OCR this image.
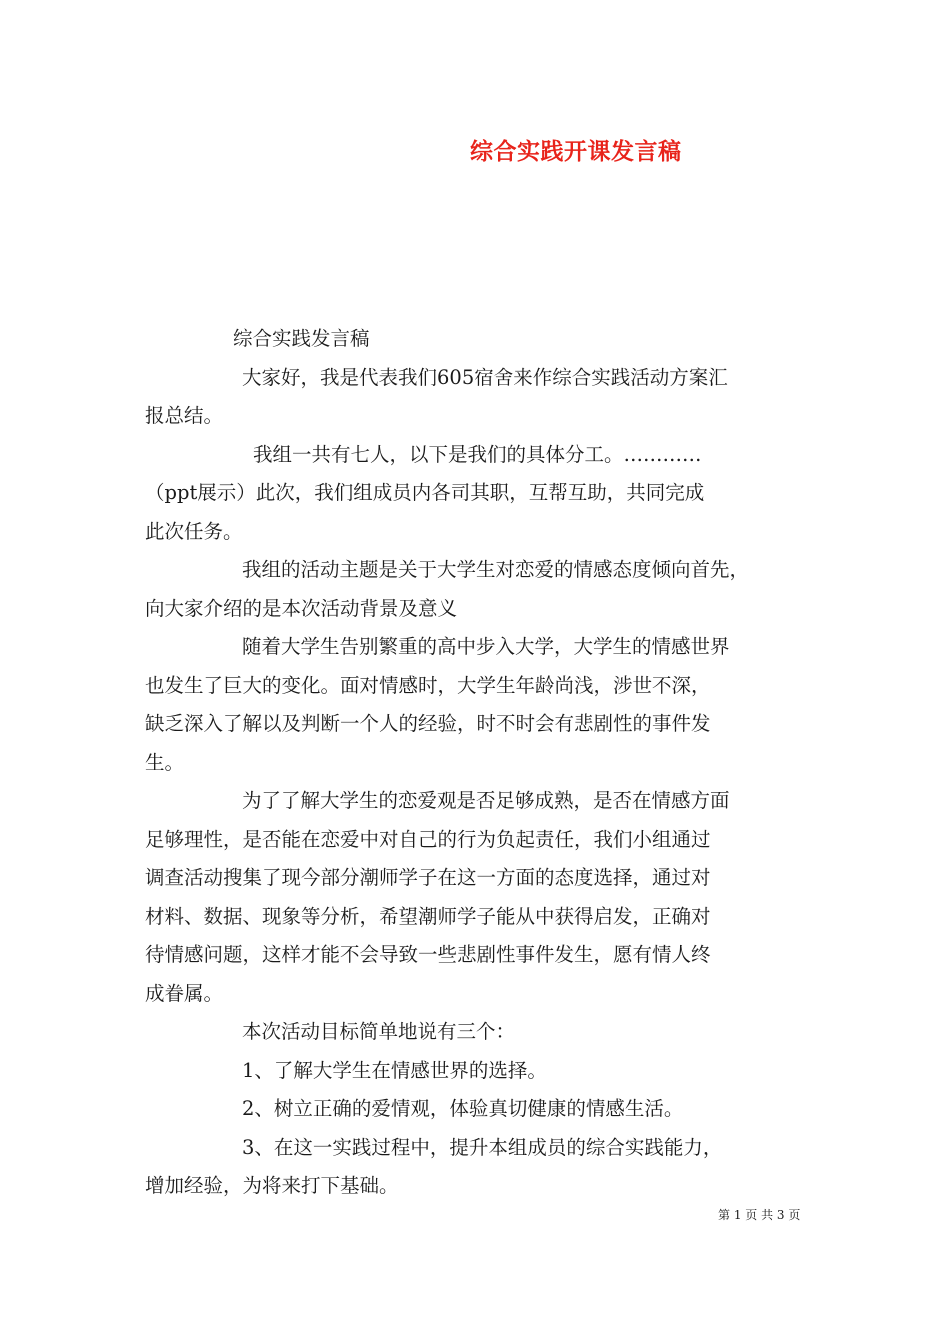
综合实践开课发言稿
综合实践发言稿
大家好，我是代表我们605宿舍来作综合实践活动方案汇
报总结。
我组一共有七人，以下是我们的具体分工。…………
（ppt展示）此次，我们组成员内各司其职，互帮互助，共同完成
此次任务。
我组的活动主题是关于大学生对恋爱的情感态度倾向首先，
向大家介绍的是本次活动背景及意义
随着大学生告别繁重的高中步入大学，大学生的情感世界
也发生了巨大的变化。面对情感时，大学生年龄尚浅，涉世不深，
缺乏深入了解以及判断一个人的经验，时不时会有悲剧性的事件发
生。
为了了解大学生的恋爱观是否足够成熟，是否在情感方面
足够理性，是否能在恋爱中对自己的行为负起责任，我们小组通过
调查活动搜集了现今部分潮师学子在这一方面的态度选择，通过对
材料、数据、现象等分析，希望潮师学子能从中获得启发，正确对
待情感问题，这样才能不会导致一些悲剧性事件发生，愿有情人终
成眷属。
本次活动目标简单地说有三个：
1、了解大学生在情感世界的选择。
2、树立正确的爱情观，体验真切健康的情感生活。
3、在这一实践过程中，提升本组成员的综合实践能力，
增加经验，为将来打下基础。
第 1 页 共 3 页
